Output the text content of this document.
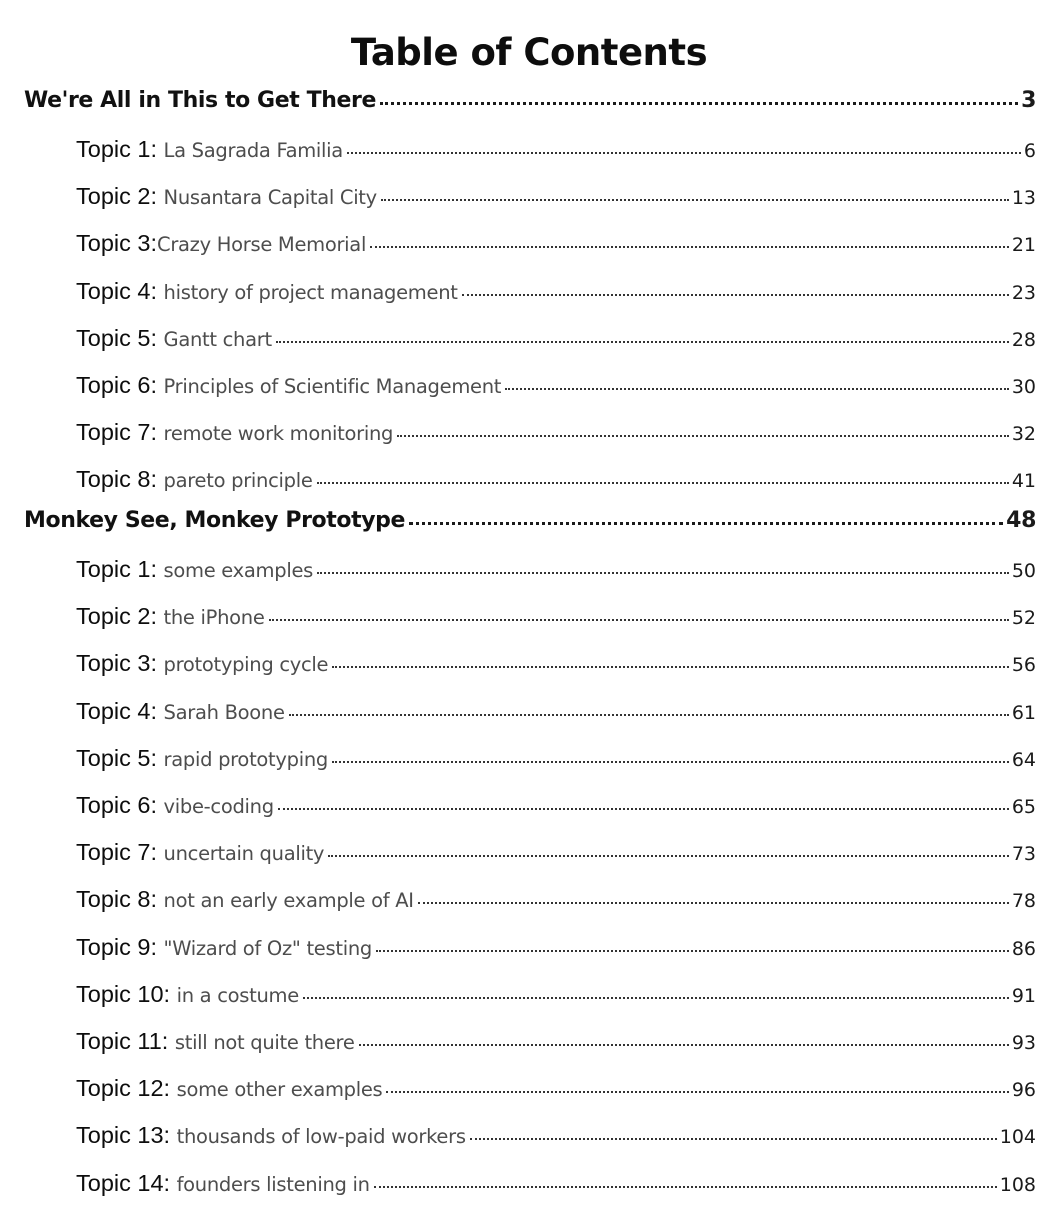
Table of Contents
We're All in This to Get There	3
Topic 1 : La Sagrada Familia	6
Topic 2 : Nusantara Capital City	13
Topic 3 : Crazy Horse Memorial	21
Topic 4 : history of project management	23
Topic 5 : Gantt chart	28
Topic 6 : Principles of Scientific Management	30
Topic 7 : remote work monitoring	32
Topic 8 : pareto principle	41
Monkey See, Monkey Prototype	48
Topic 1 : some examples	50
Topic 2 : the iPhone	52
Topic 3 : prototyping cycle	56
Topic 4 : Sarah Boone	61
Topic 5 : rapid prototyping	64
Topic 6 : vibe-coding	65
Topic 7 : uncertain quality	73
Topic 8 : not an early example of AI	78
Topic 9 : "Wizard of Oz" testing	86
Topic 10 : in a costume	91
Topic 11 : still not quite there	93
Topic 12 : some other examples	96
Topic 13 : thousands of low-paid workers	104
Topic 14 : founders listening in	108
